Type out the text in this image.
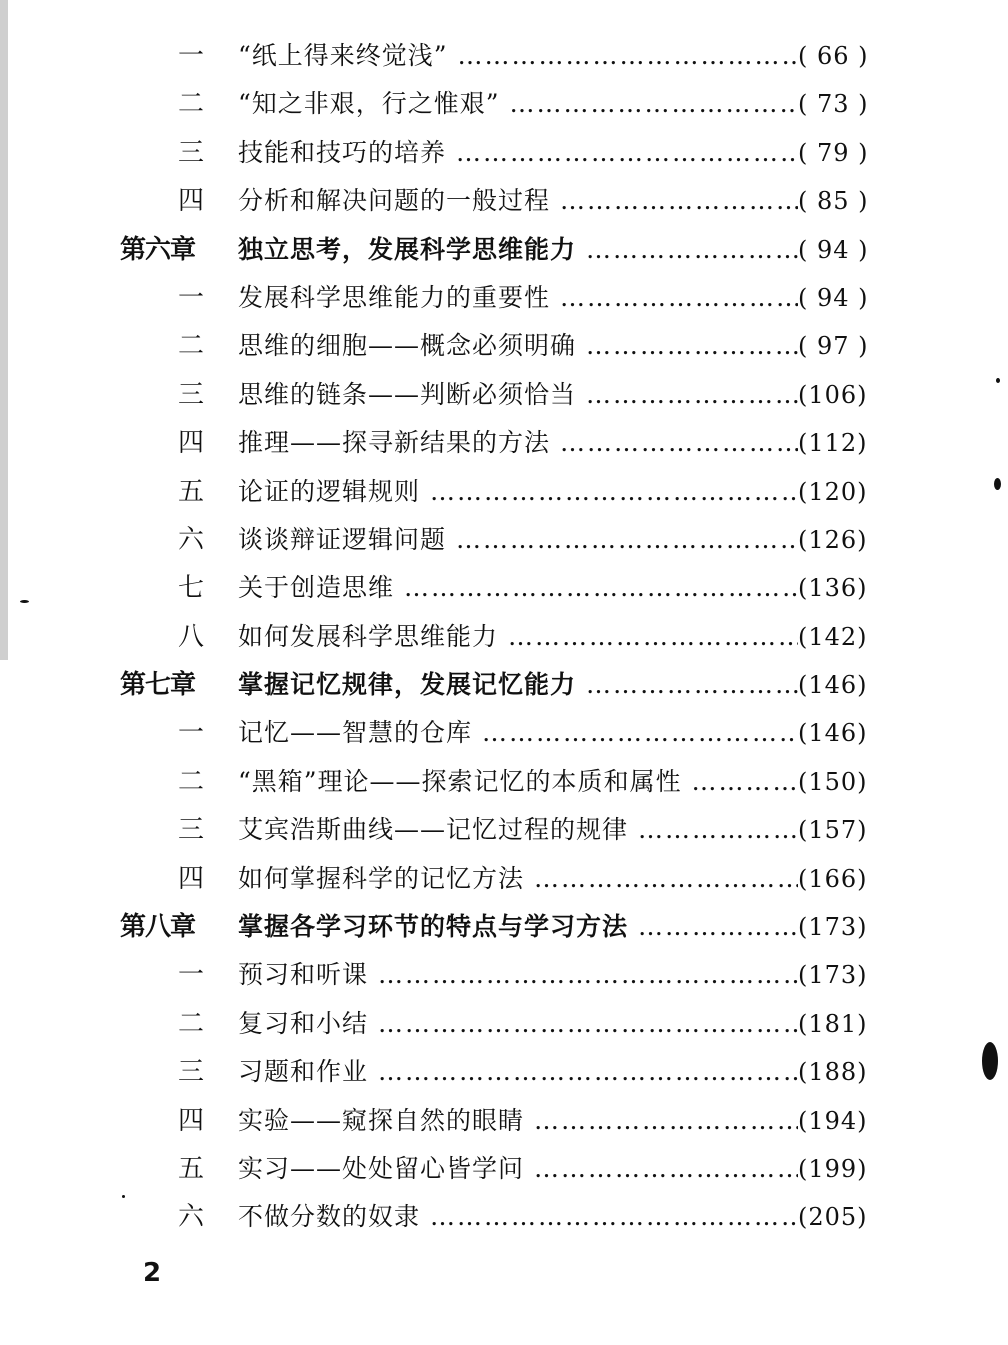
一 “纸上得来终觉浅” …………………………………………………………………………………………	( 66 )
二 “知之非艰，行之惟艰” …………………………………………………………………………………………	( 73 )
三 技能和技巧的培养 …………………………………………………………………………………………	( 79 )
四 分析和解决问题的一般过程 …………………………………………………………………………………………	( 85 )
第六章 独立思考，发展科学思维能力 …………………………………………………………………………………………	( 94 )
一 发展科学思维能力的重要性 …………………………………………………………………………………………	( 94 )
二 思维的细胞——概念必须明确 …………………………………………………………………………………………	( 97 )
三 思维的链条——判断必须恰当 …………………………………………………………………………………………	(106)
四 推理——探寻新结果的方法 …………………………………………………………………………………………	(112)
五 论证的逻辑规则 …………………………………………………………………………………………	(120)
六 谈谈辩证逻辑问题 …………………………………………………………………………………………	(126)
七 关于创造思维 …………………………………………………………………………………………	(136)
八 如何发展科学思维能力 …………………………………………………………………………………………	(142)
第七章 掌握记忆规律，发展记忆能力 …………………………………………………………………………………………	(146)
一 记忆——智慧的仓库 …………………………………………………………………………………………	(146)
二 “黑箱”理论——探索记忆的本质和属性 …………………………………………………………………………………………	(150)
三 艾宾浩斯曲线——记忆过程的规律 …………………………………………………………………………………………	(157)
四 如何掌握科学的记忆方法 …………………………………………………………………………………………	(166)
第八章 掌握各学习环节的特点与学习方法 …………………………………………………………………………………………	(173)
一 预习和听课 …………………………………………………………………………………………	(173)
二 复习和小结 …………………………………………………………………………………………	(181)
三 习题和作业 …………………………………………………………………………………………	(188)
四 实验——窥探自然的眼睛 …………………………………………………………………………………………	(194)
五 实习——处处留心皆学问 …………………………………………………………………………………………	(199)
六 不做分数的奴隶 …………………………………………………………………………………………	(205)
2
